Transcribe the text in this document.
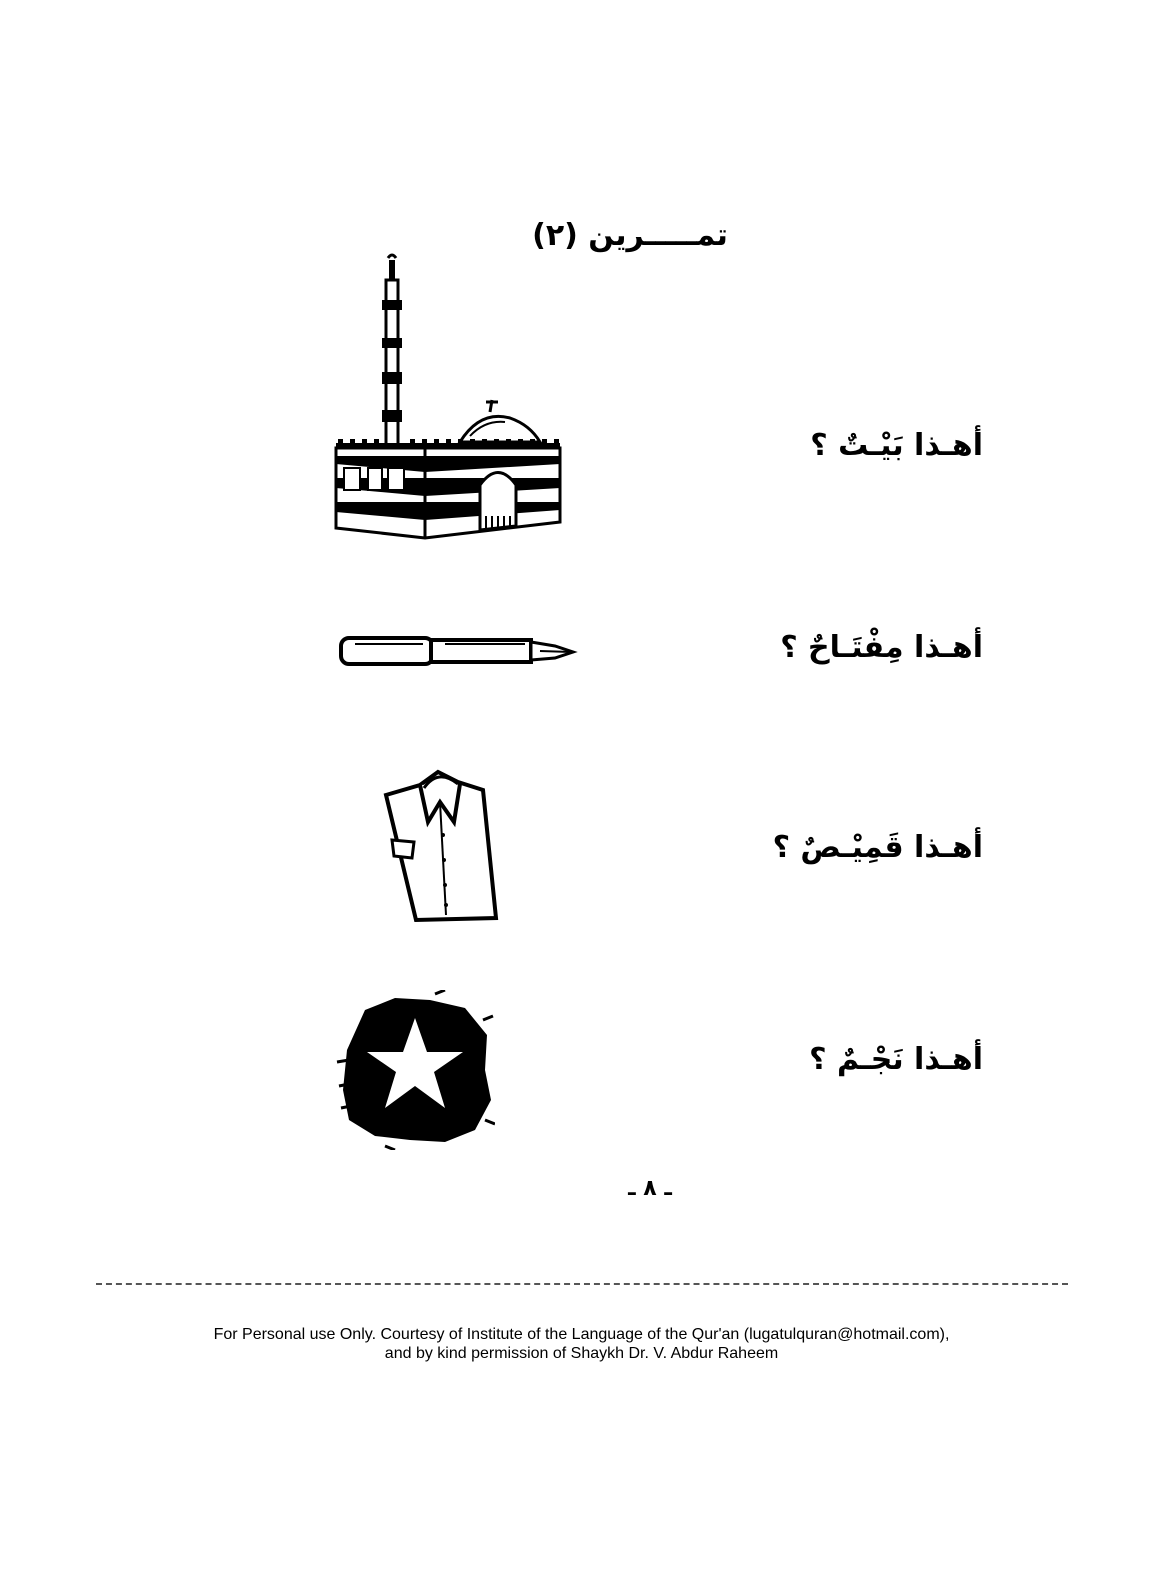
تمـــــرين (٢)
أهـذا بَيْـتٌ ؟
أهـذا مِفْتَـاحٌ ؟
أهـذا قَمِيْـصٌ ؟
أهـذا نَجْـمٌ ؟
ـ ٨ ـ
For Personal use Only. Courtesy of Institute of the Language of the Qur'an (lugatulquran@hotmail.com),
and by kind permission of Shaykh Dr. V. Abdur Raheem
